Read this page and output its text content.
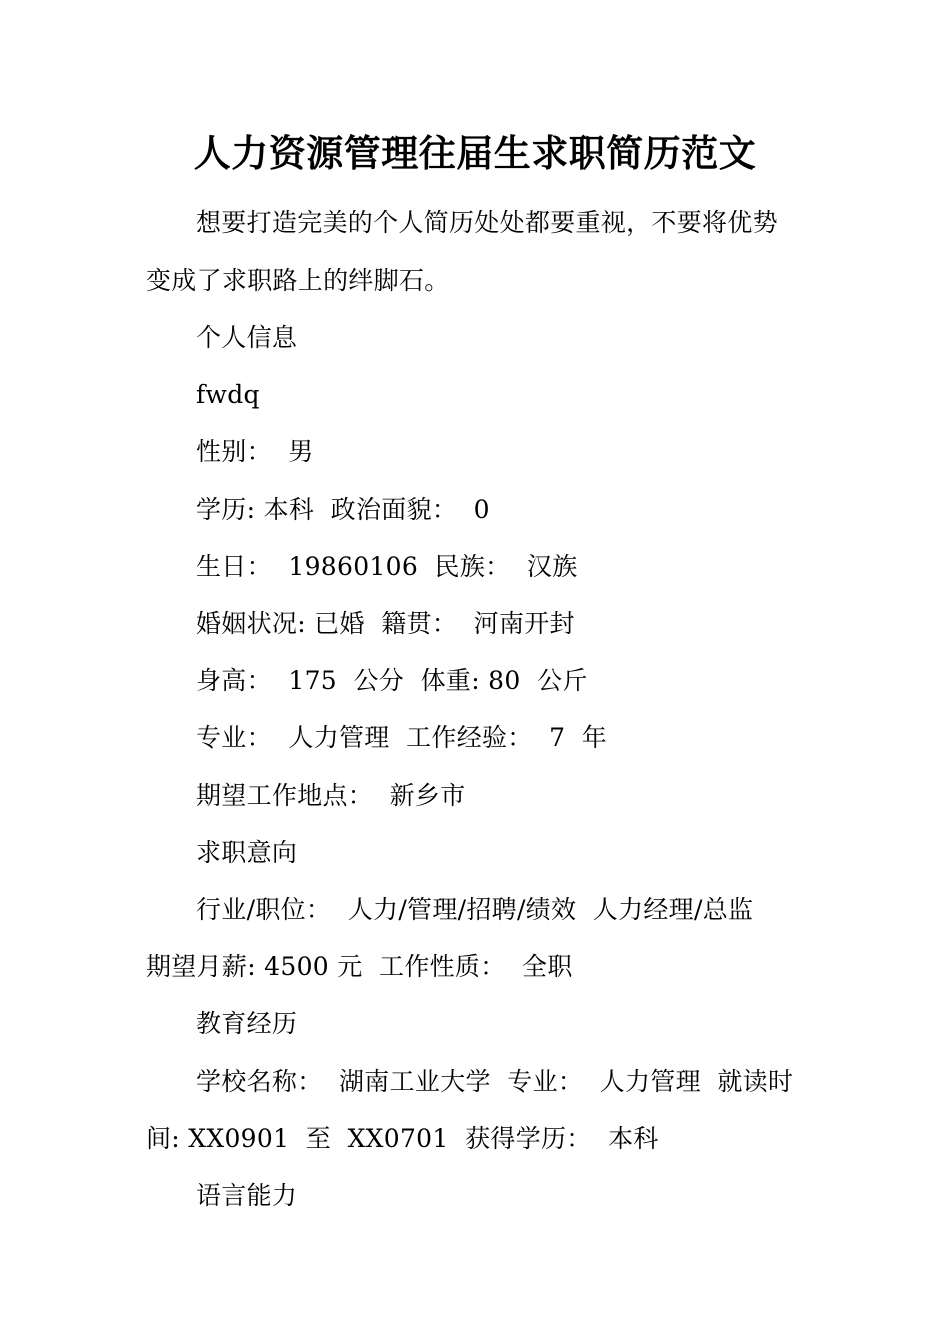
人力资源管理往届生求职简历范文
想要打造完美的个人简历处处都要重视，不要将优势
变成了求职路上的绊脚石。
个人信息
fwdq
性别：  男
学历: 本科  政治面貌：  0
生日：  19860106  民族：  汉族
婚姻状况: 已婚  籍贯：  河南开封
身高：  175  公分  体重: 80  公斤
专业：  人力管理  工作经验：  7  年
期望工作地点：  新乡市
求职意向
行业/职位：  人力/管理/招聘/绩效  人力经理/总监
期望月薪: 4500 元  工作性质：  全职
教育经历
学校名称：  湖南工业大学  专业：  人力管理  就读时
间: XX0901  至  XX0701  获得学历：  本科
语言能力
